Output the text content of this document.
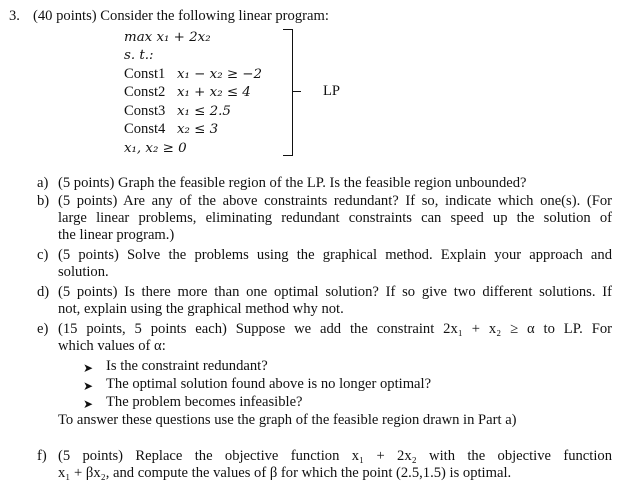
3. (40 points) Consider the following linear program:
max x₁ + 2x₂
s. t.:
Const1 x₁ − x₂ ≥ −2
Const2 x₁ + x₂ ≤ 4
Const3 x₁ ≤ 2.5
Const4 x₂ ≤ 3
x₁, x₂ ≥ 0
LP
a) (5 points) Graph the feasible region of the LP. Is the feasible region unbounded?
b) (5 points) Are any of the above constraints redundant? If so, indicate which one(s). (For
large linear problems, eliminating redundant constraints can speed up the solution of
the linear program.)
c) (5 points) Solve the problems using the graphical method. Explain your approach and
solution.
d) (5 points) Is there more than one optimal solution? If so give two different solutions. If
not, explain using the graphical method why not.
e) (15 points, 5 points each) Suppose we add the constraint 2x₁ + x₂ ≥ α to LP. For
which values of α:
➤ Is the constraint redundant?
➤ The optimal solution found above is no longer optimal?
➤ The problem becomes infeasible?
To answer these questions use the graph of the feasible region drawn in Part a)
f) (5 points) Replace the objective function x₁ + 2x₂ with the objective function
x₁ + βx₂, and compute the values of β for which the point (2.5,1.5) is optimal.
